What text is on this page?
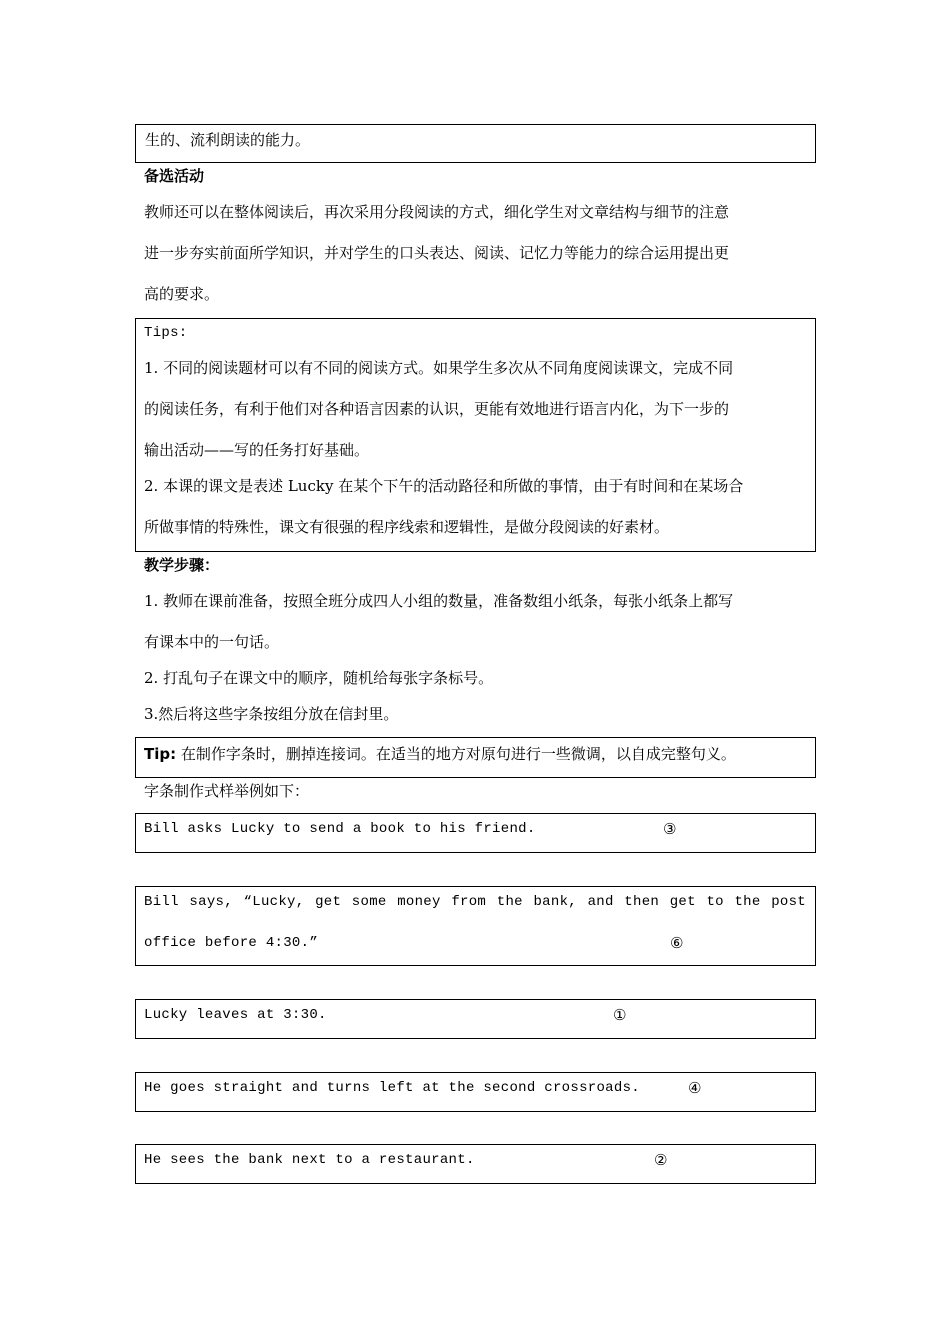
生的、流利朗读的能力。
备选活动
教师还可以在整体阅读后，再次采用分段阅读的方式，细化学生对文章结构与细节的注意
进一步夯实前面所学知识，并对学生的口头表达、阅读、记忆力等能力的综合运用提出更
高的要求。
Tips:
1. 不同的阅读题材可以有不同的阅读方式。如果学生多次从不同角度阅读课文，完成不同
的阅读任务，有利于他们对各种语言因素的认识，更能有效地进行语言内化，为下一步的
输出活动——写的任务打好基础。
2. 本课的课文是表述 Lucky 在某个下午的活动路径和所做的事情，由于有时间和在某场合
所做事情的特殊性，课文有很强的程序线索和逻辑性，是做分段阅读的好素材。
教学步骤：
1. 教师在课前准备，按照全班分成四人小组的数量，准备数组小纸条，每张小纸条上都写
有课本中的一句话。
2. 打乱句子在课文中的顺序，随机给每张字条标号。
3.然后将这些字条按组分放在信封里。
Tip: 在制作字条时，删掉连接词。在适当的地方对原句进行一些微调，以自成完整句义。
字条制作式样举例如下：
Bill asks Lucky to send a book to his friend.	③
Bill says, “Lucky, get some money from the bank, and then get to the post
office before 4:30.”	⑥
Lucky leaves at 3:30.	①
He goes straight and turns left at the second crossroads.	④
He sees the bank next to a restaurant.	②
